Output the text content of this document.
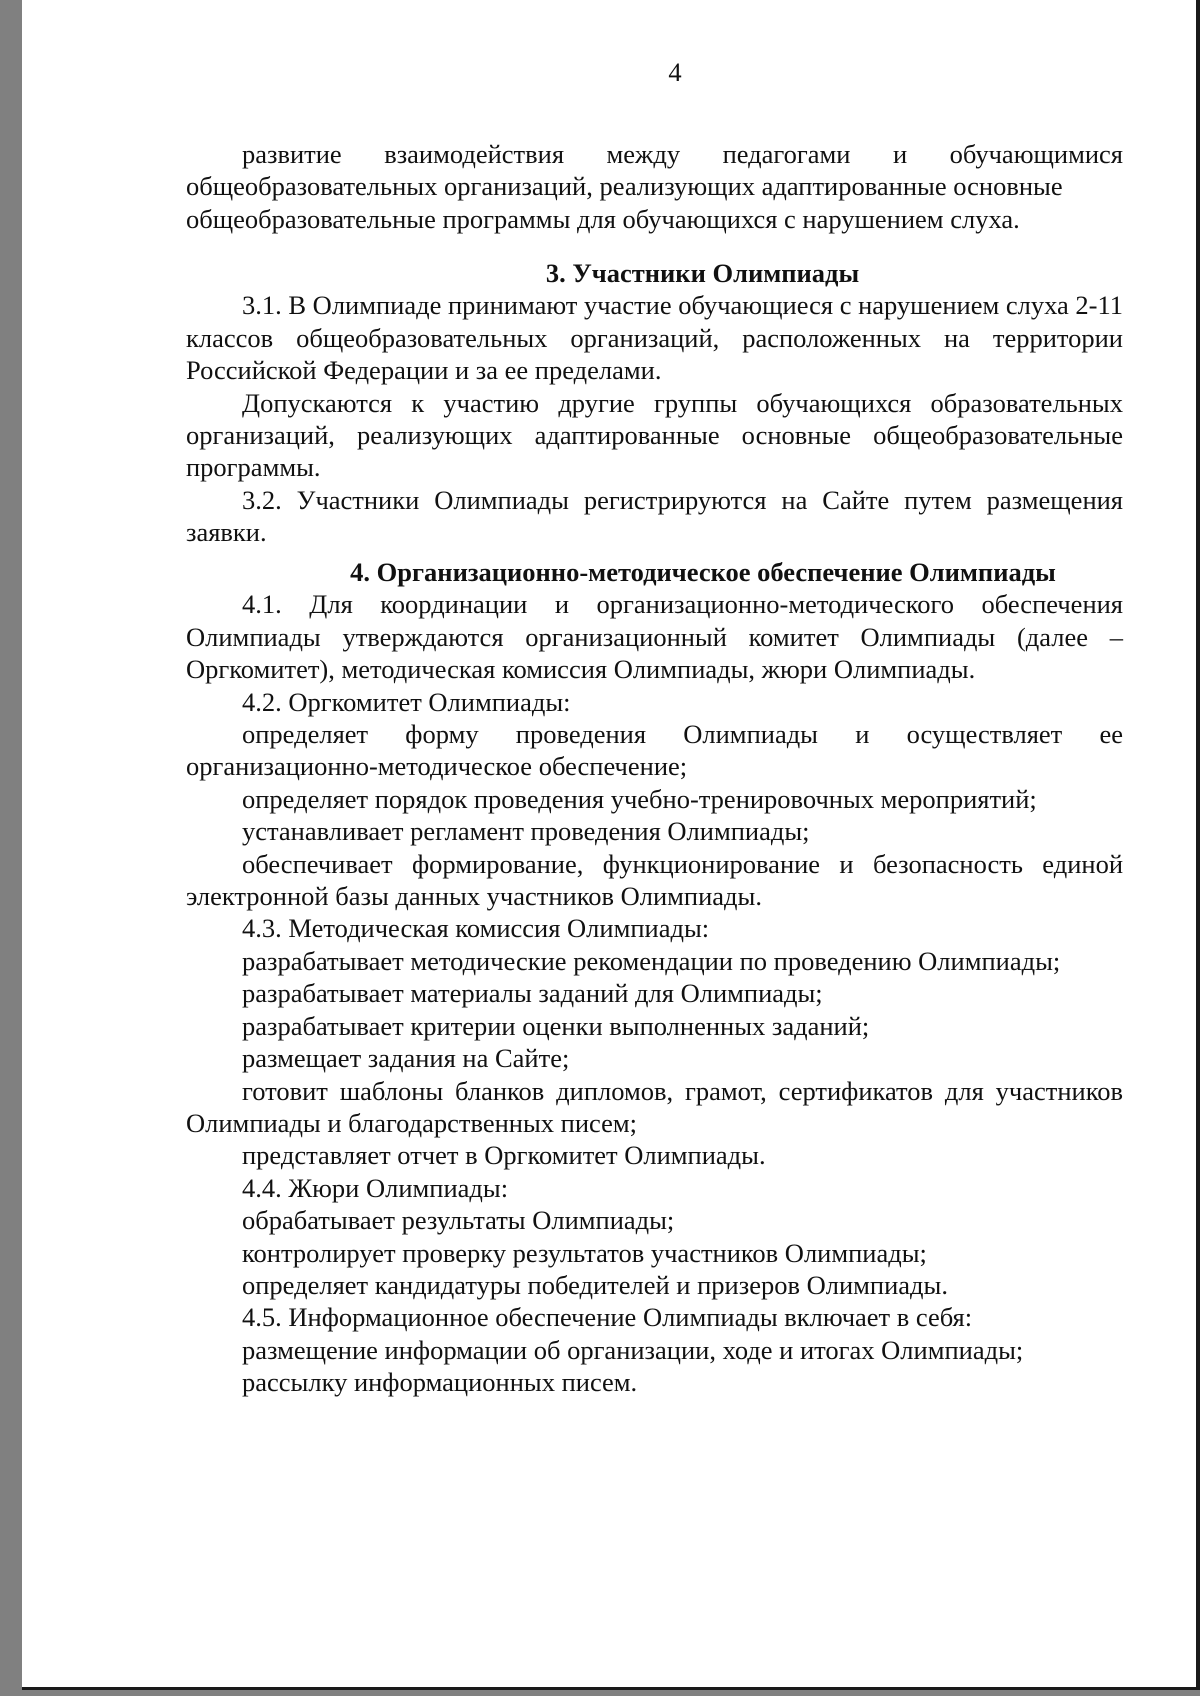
4

развитие взаимодействия между педагогами и обучающимися

общеобразовательных организаций, реализующих адаптированные основные

общеобразовательные программы для обучающихся с нарушением слуха.

3. Участники Олимпиады

3.1. В Олимпиаде принимают участие обучающиеся с нарушением слуха 2-11 классов общеобразовательных организаций, расположенных на территории Российской Федерации и за ее пределами.

Допускаются к участию другие группы обучающихся образовательных организаций, реализующих адаптированные основные общеобразовательные программы.

3.2. Участники Олимпиады регистрируются на Сайте путем размещения заявки.

4. Организационно-методическое обеспечение Олимпиады

4.1. Для координации и организационно-методического обеспечения Олимпиады утверждаются организационный комитет Олимпиады (далее – Оргкомитет), методическая комиссия Олимпиады, жюри Олимпиады.

4.2. Оргкомитет Олимпиады:

определяет форму проведения Олимпиады и осуществляет ее организационно-методическое обеспечение;

определяет порядок проведения учебно-тренировочных мероприятий;

устанавливает регламент проведения Олимпиады;

обеспечивает формирование, функционирование и безопасность единой электронной базы данных участников Олимпиады.

4.3. Методическая комиссия Олимпиады:

разрабатывает методические рекомендации по проведению Олимпиады;

разрабатывает материалы заданий для Олимпиады;

разрабатывает критерии оценки выполненных заданий;

размещает задания на Сайте;

готовит шаблоны бланков дипломов, грамот, сертификатов для участников Олимпиады и благодарственных писем;

представляет отчет в Оргкомитет Олимпиады.

4.4. Жюри Олимпиады:

обрабатывает результаты Олимпиады;

контролирует проверку результатов участников Олимпиады;

определяет кандидатуры победителей и призеров Олимпиады.

4.5. Информационное обеспечение Олимпиады включает в себя:

размещение информации об организации, ходе и итогах Олимпиады;

рассылку информационных писем.
